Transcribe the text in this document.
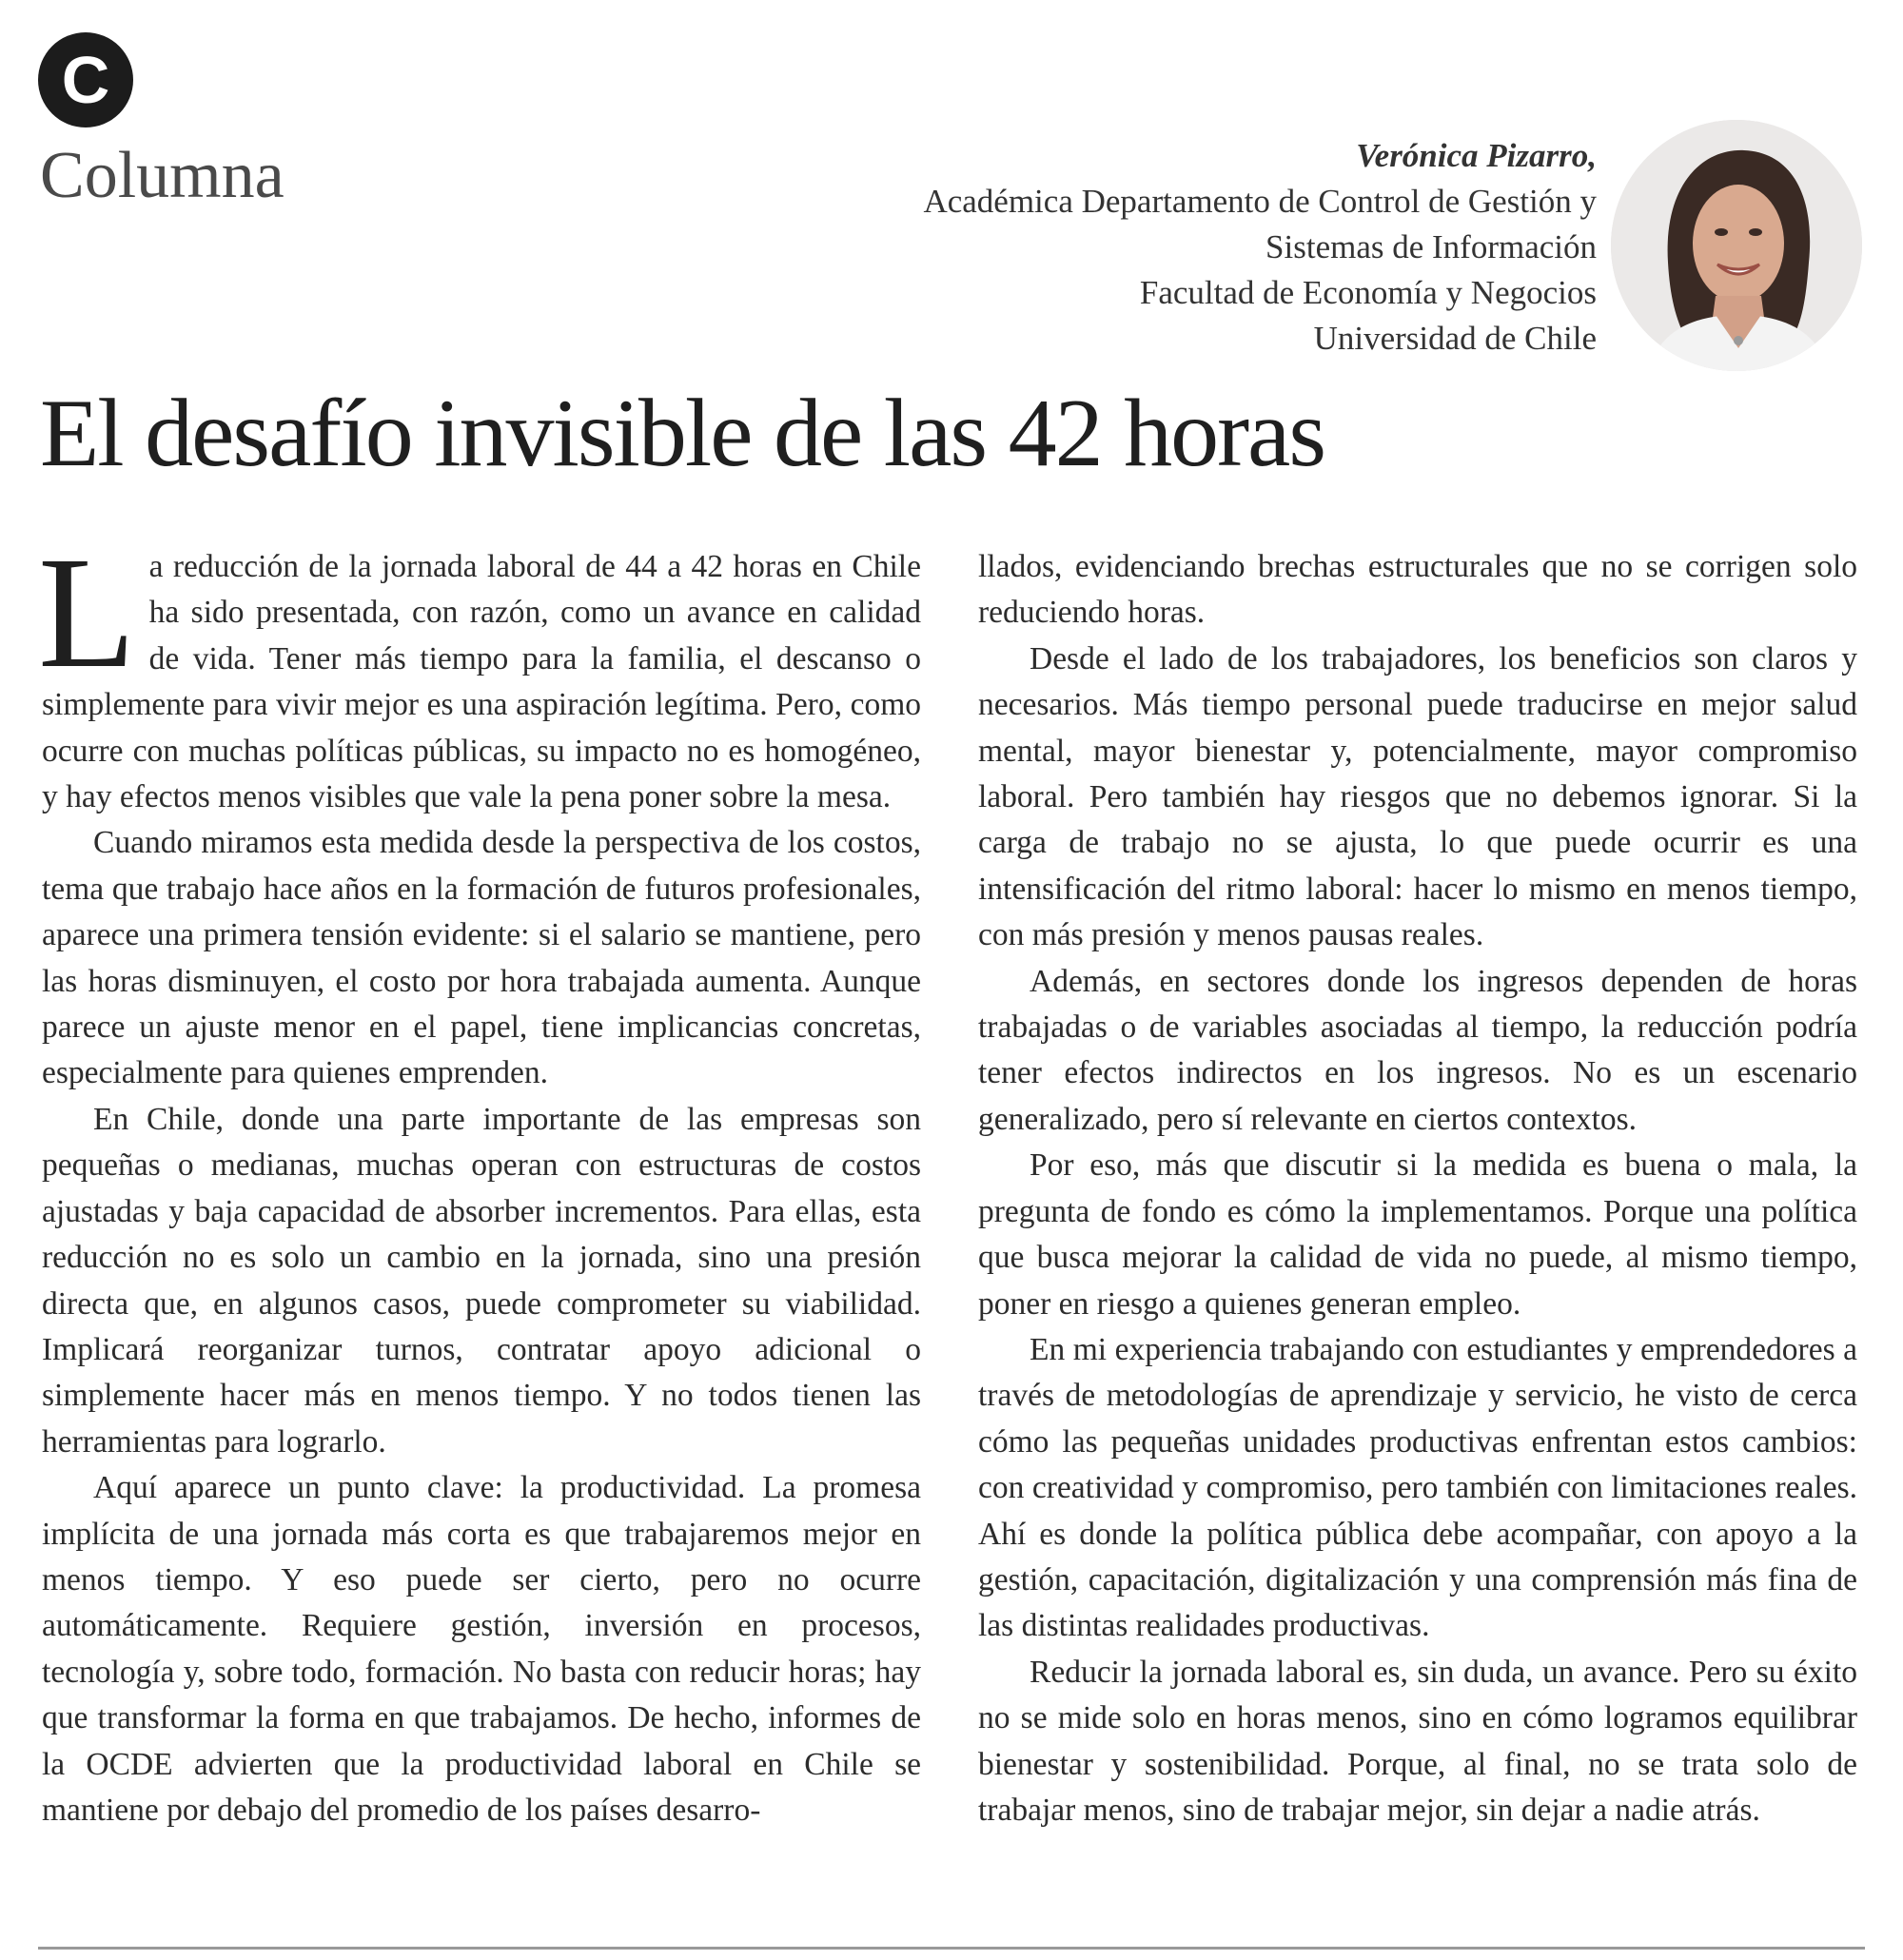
C
Columna	Verónica Pizarro,
Académica Departamento de Control de Gestión y
Sistemas de Información
Facultad de Economía y Negocios
Universidad de Chile
El desafío invisible de las 42 horas

La reducción de la jornada laboral de 44 a 42 horas en Chile ha sido presentada, con razón, como un avance en calidad de vida. Tener más tiempo para la familia, el descanso o simplemente para vivir mejor es una aspiración legítima. Pero, como ocurre con muchas políticas públicas, su impacto no es homogéneo, y hay efectos menos visibles que vale la pena poner sobre la mesa.

Cuando miramos esta medida desde la perspectiva de los costos, tema que trabajo hace años en la formación de futuros profesionales, aparece una primera tensión evidente: si el salario se mantiene, pero las horas disminuyen, el costo por hora trabajada aumenta. Aunque parece un ajuste menor en el papel, tiene implicancias concretas, especialmente para quienes emprenden.

En Chile, donde una parte importante de las empresas son pequeñas o medianas, muchas operan con estructuras de costos ajustadas y baja capacidad de absorber incrementos. Para ellas, esta reducción no es solo un cambio en la jornada, sino una presión directa que, en algunos casos, puede comprometer su viabilidad. Implicará reorganizar turnos, contratar apoyo adicional o simplemente hacer más en menos tiempo. Y no todos tienen las herramientas para lograrlo.

Aquí aparece un punto clave: la productividad. La promesa implícita de una jornada más corta es que trabajaremos mejor en menos tiempo. Y eso puede ser cierto, pero no ocurre automáticamente. Requiere gestión, inversión en procesos, tecnología y, sobre todo, formación. No basta con reducir horas; hay que transformar la forma en que trabajamos. De hecho, informes de la OCDE advierten que la productividad laboral en Chile se mantiene por debajo del promedio de los países desarro-

llados, evidenciando brechas estructurales que no se corrigen solo reduciendo horas.

Desde el lado de los trabajadores, los beneficios son claros y necesarios. Más tiempo personal puede traducirse en mejor salud mental, mayor bienestar y, potencialmente, mayor compromiso laboral. Pero también hay riesgos que no debemos ignorar. Si la carga de trabajo no se ajusta, lo que puede ocurrir es una intensificación del ritmo laboral: hacer lo mismo en menos tiempo, con más presión y menos pausas reales.

Además, en sectores donde los ingresos dependen de horas trabajadas o de variables asociadas al tiempo, la reducción podría tener efectos indirectos en los ingresos. No es un escenario generalizado, pero sí relevante en ciertos contextos.

Por eso, más que discutir si la medida es buena o mala, la pregunta de fondo es cómo la implementamos. Porque una política que busca mejorar la calidad de vida no puede, al mismo tiempo, poner en riesgo a quienes generan empleo.

En mi experiencia trabajando con estudiantes y emprendedores a través de metodologías de aprendizaje y servicio, he visto de cerca cómo las pequeñas unidades productivas enfrentan estos cambios: con creatividad y compromiso, pero también con limitaciones reales. Ahí es donde la política pública debe acompañar, con apoyo a la gestión, capacitación, digitalización y una comprensión más fina de las distintas realidades productivas.

Reducir la jornada laboral es, sin duda, un avance. Pero su éxito no se mide solo en horas menos, sino en cómo logramos equilibrar bienestar y sostenibilidad. Porque, al final, no se trata solo de trabajar menos, sino de trabajar mejor, sin dejar a nadie atrás.
